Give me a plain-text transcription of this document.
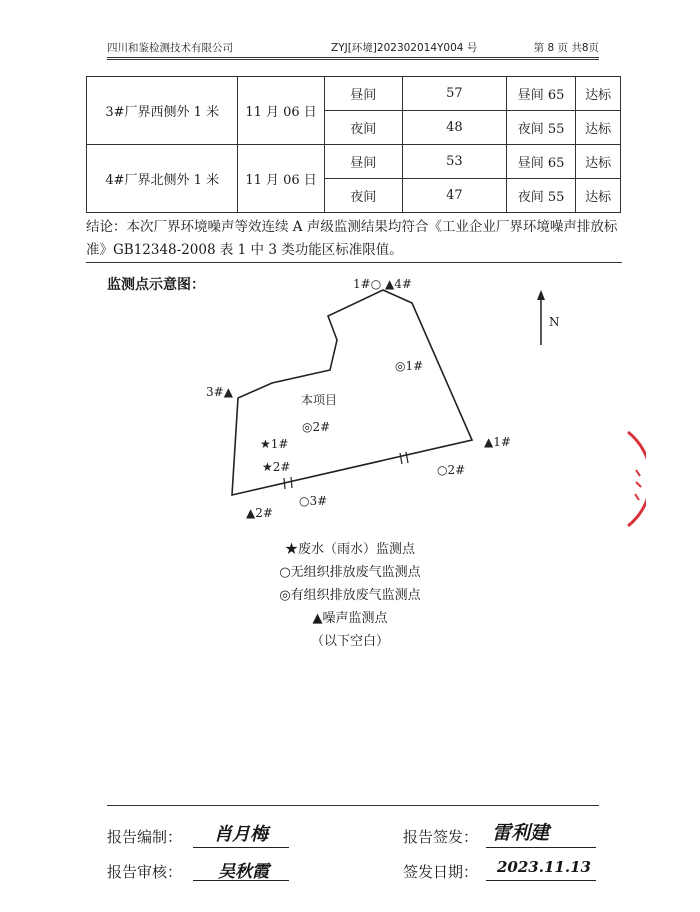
四川和鉴检测技术有限公司	ZYJ[环境]202302014Y004 号	第 8 页 共8页
3#厂界西侧外 1 米	11 月 06 日	昼间	57	昼间 65	达标
		夜间	48	夜间 55	达标
4#厂界北侧外 1 米	11 月 06 日	昼间	53	昼间 65	达标
		夜间	47	夜间 55	达标

结论：本次厂界环境噪声等效连续 A 声级监测结果均符合《工业企业厂界环境噪声排放标准》GB12348-2008 表 1 中 3 类功能区标准限值。

监测点示意图：
N
本项目
1#○ ▲4#
3#▲
◎1#
◎2#
★1#
★2#
▲1#
○2#
○3#
▲2#
★废水（雨水）监测点
○无组织排放废气监测点
◎有组织排放废气监测点
▲噪声监测点
（以下空白）
报告编制： 肖月梅
报告审核： 吴秋霞
报告签发： 雷利建
签发日期： 2023.11.13
